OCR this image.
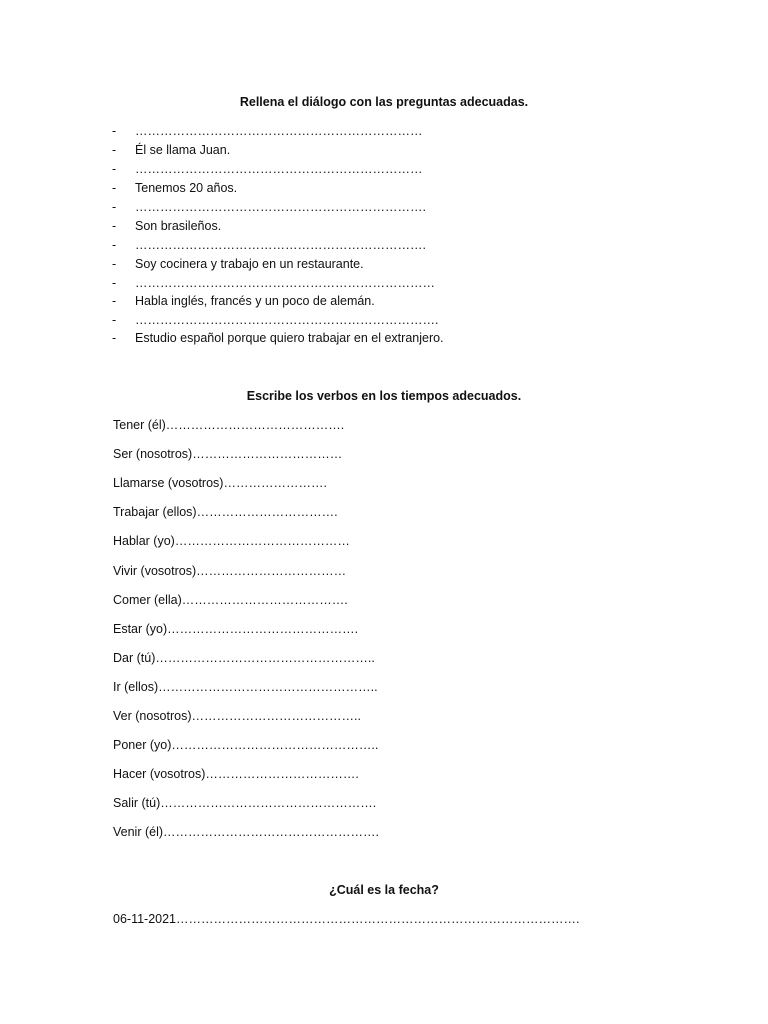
Rellena el diálogo con las preguntas adecuadas.
- ……………………………………………………………
- Él se llama Juan.
- ……………………………………………………………
- Tenemos 20 años.
- …………………………………………………………….
- Son brasileños.
- …………………………………………………………….
- Soy cocinera y trabajo en un restaurante.
- ………………………………………………………………
- Habla inglés, francés y un poco de alemán.
- ……………………………………………………………….
- Estudio español porque quiero trabajar en el extranjero.
Escribe los verbos en los tiempos adecuados.
Tener (él)…………………………………….
Ser (nosotros)………………………………
Llamarse (vosotros)…………………….
Trabajar (ellos)…………………………….
Hablar (yo)……………………………………
Vivir (vosotros)………………………………
Comer (ella)………………………………….
Estar (yo)……………………………………….
Dar (tú)……………………………………………..
Ir (ellos)……………………………………………..
Ver (nosotros)…………………………………..
Poner (yo)…………………………………………..
Hacer (vosotros)……………………………….
Salir (tú)…………………………………………….
Venir (él)…………………………………………….
¿Cuál es la fecha?
06-11-2021…………………………………………………………………………………….
